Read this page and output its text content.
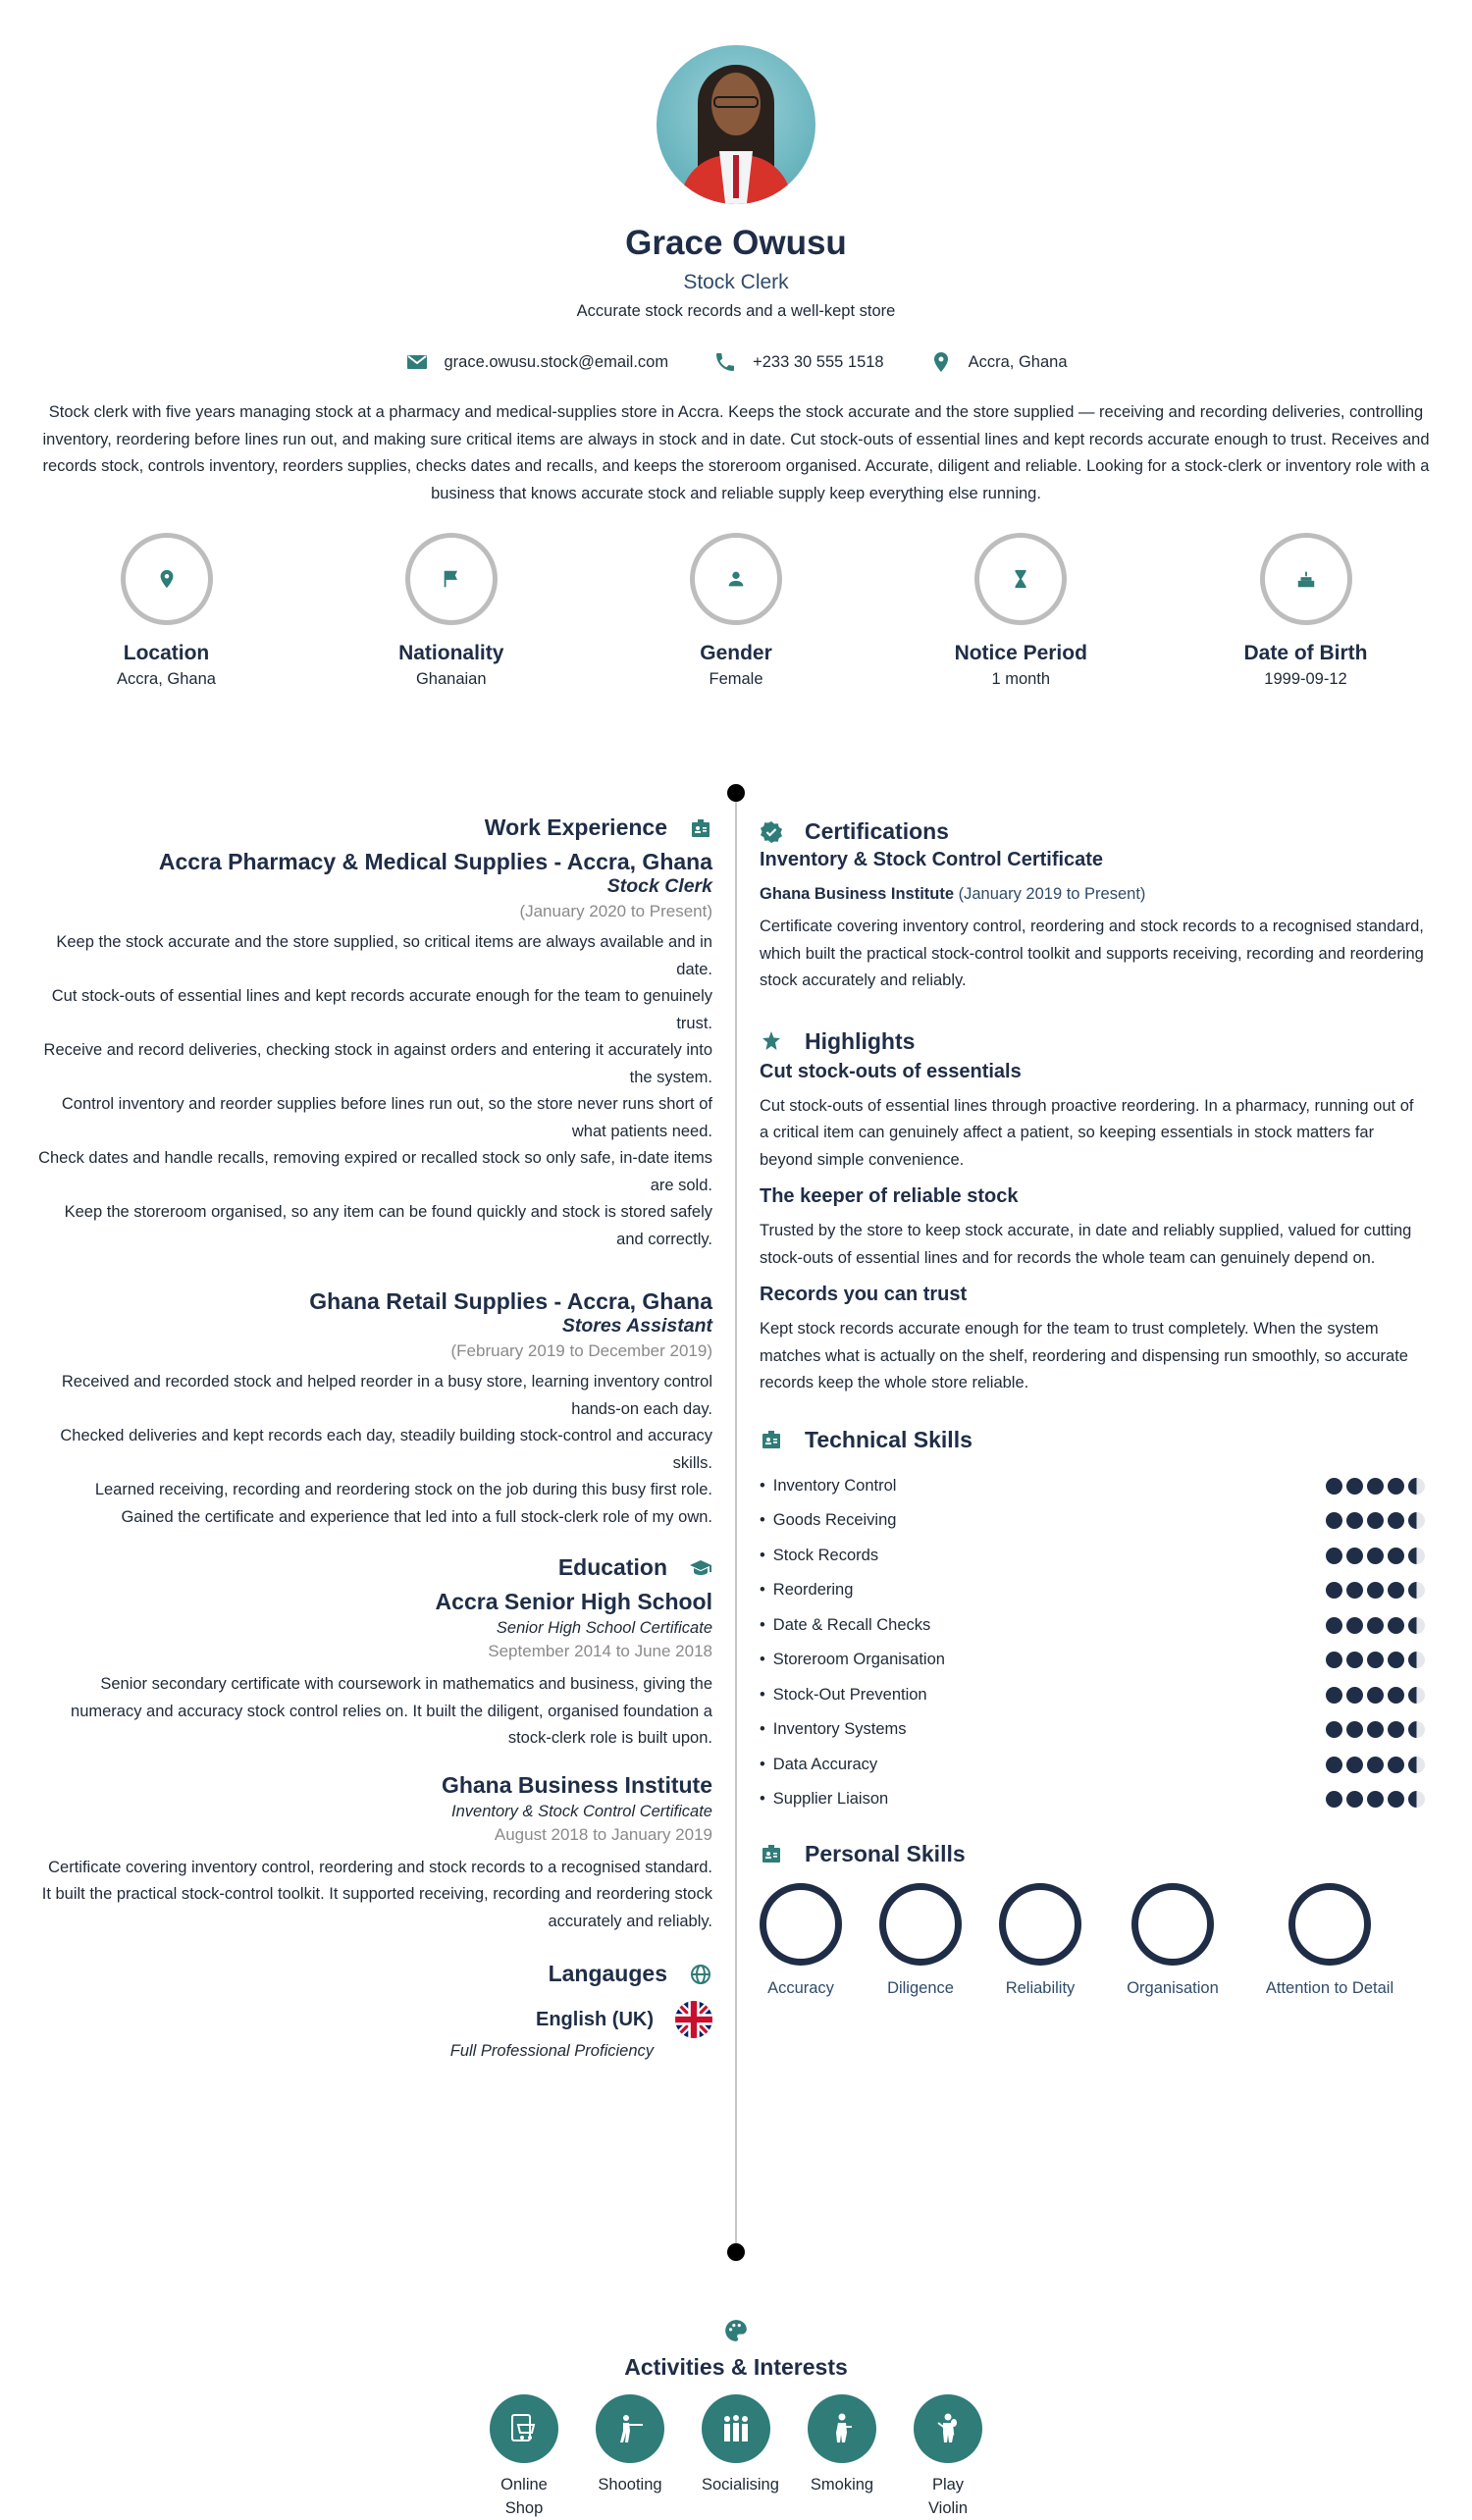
Grace Owusu
Stock Clerk
Accurate stock records and a well-kept store
grace.owusu.stock@email.com	+233 30 555 1518	Accra, Ghana

Stock clerk with five years managing stock at a pharmacy and medical-supplies store in Accra. Keeps the stock accurate and the store supplied — receiving and recording deliveries, controlling inventory, reordering before lines run out, and making sure critical items are always in stock and in date. Cut stock-outs of essential lines and kept records accurate enough to trust. Receives and records stock, controls inventory, reorders supplies, checks dates and recalls, and keeps the storeroom organised. Accurate, diligent and reliable. Looking for a stock-clerk or inventory role with a business that knows accurate stock and reliable supply keep everything else running.

Location
Accra, Ghana
Nationality
Ghanaian
Gender
Female
Notice Period
1 month
Date of Birth
1999-09-12
Work Experience
Accra Pharmacy & Medical Supplies - Accra, Ghana
Stock Clerk
(January 2020 to Present)
Keep the stock accurate and the store supplied, so critical items are always available and in date.
Cut stock-outs of essential lines and kept records accurate enough for the team to genuinely trust.
Receive and record deliveries, checking stock in against orders and entering it accurately into the system.
Control inventory and reorder supplies before lines run out, so the store never runs short of what patients need.
Check dates and handle recalls, removing expired or recalled stock so only safe, in-date items are sold.
Keep the storeroom organised, so any item can be found quickly and stock is stored safely and correctly.
Ghana Retail Supplies - Accra, Ghana
Stores Assistant
(February 2019 to December 2019)
Received and recorded stock and helped reorder in a busy store, learning inventory control hands-on each day.
Checked deliveries and kept records each day, steadily building stock-control and accuracy skills.
Learned receiving, recording and reordering stock on the job during this busy first role.
Gained the certificate and experience that led into a full stock-clerk role of my own.
Education
Accra Senior High School
Senior High School Certificate
September 2014 to June 2018
Senior secondary certificate with coursework in mathematics and business, giving the numeracy and accuracy stock control relies on. It built the diligent, organised foundation a stock-clerk role is built upon.
Ghana Business Institute
Inventory & Stock Control Certificate
August 2018 to January 2019
Certificate covering inventory control, reordering and stock records to a recognised standard. It built the practical stock-control toolkit. It supported receiving, recording and reordering stock accurately and reliably.
Langauges
English (UK)
Full Professional Proficiency
Certifications
Inventory & Stock Control Certificate
Ghana Business Institute (January 2019 to Present)
Certificate covering inventory control, reordering and stock records to a recognised standard, which built the practical stock-control toolkit and supports receiving, recording and reordering stock accurately and reliably.
Highlights
Cut stock-outs of essentials
Cut stock-outs of essential lines through proactive reordering. In a pharmacy, running out of a critical item can genuinely affect a patient, so keeping essentials in stock matters far beyond simple convenience.
The keeper of reliable stock
Trusted by the store to keep stock accurate, in date and reliably supplied, valued for cutting stock-outs of essential lines and for records the whole team can genuinely depend on.
Records you can trust
Kept stock records accurate enough for the team to trust completely. When the system matches what is actually on the shelf, reordering and dispensing run smoothly, so accurate records keep the whole store reliable.
Technical Skills
• Inventory Control
• Goods Receiving
• Stock Records
• Reordering
• Date & Recall Checks
• Storeroom Organisation
• Stock-Out Prevention
• Inventory Systems
• Data Accuracy
• Supplier Liaison
Personal Skills
Accuracy	Diligence	Reliability	Organisation	Attention to Detail
Activities & Interests
Online Shop
Shooting Socialising Smoking	Play Violin
